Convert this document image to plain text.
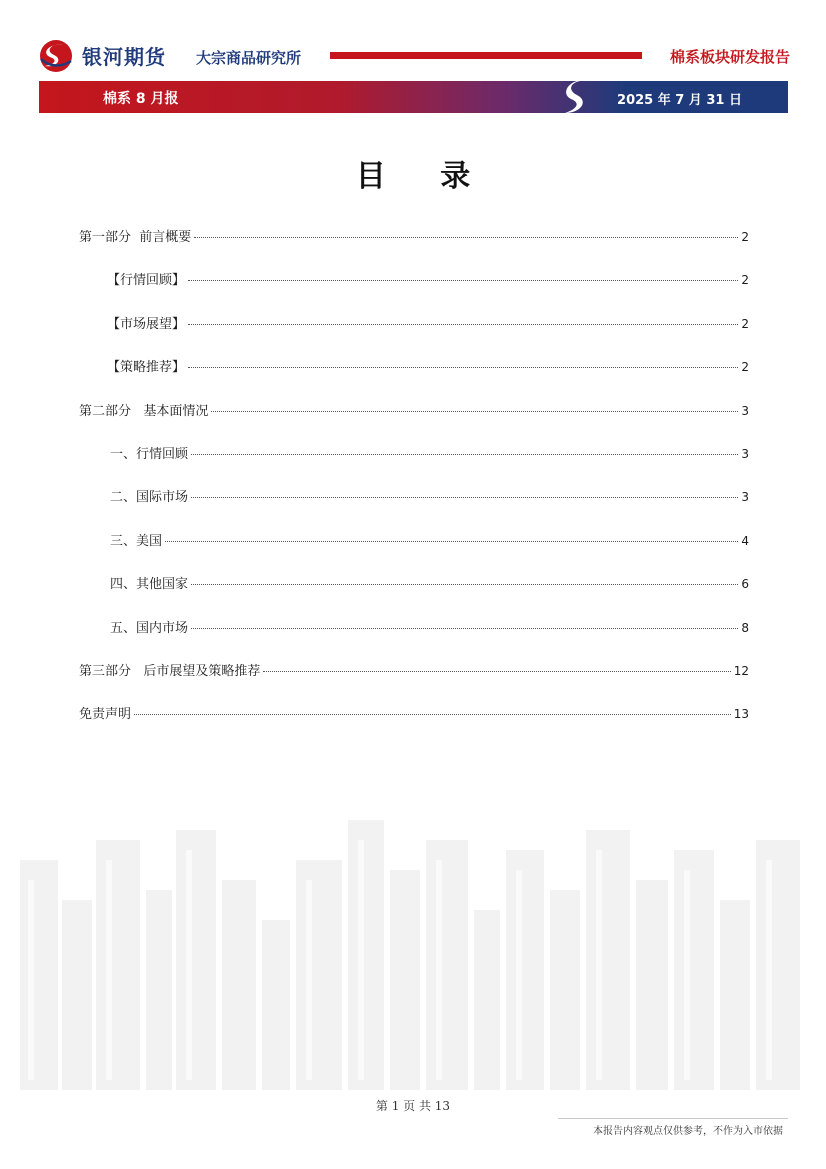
银河期货 大宗商品研究所	棉系板块研发报告
棉系 8 月报	2025 年 7 月 31 日
目 录
第一部分  前言概要	2
【行情回顾】	2
【市场展望】	2
【策略推荐】	2
第二部分   基本面情况	3
一、行情回顾	3
二、国际市场	3
三、美国	4
四、其他国家	6
五、国内市场	8
第三部分   后市展望及策略推荐	12
免责声明	13
第 1 页 共 13
本报告内容观点仅供参考，不作为入市依据
